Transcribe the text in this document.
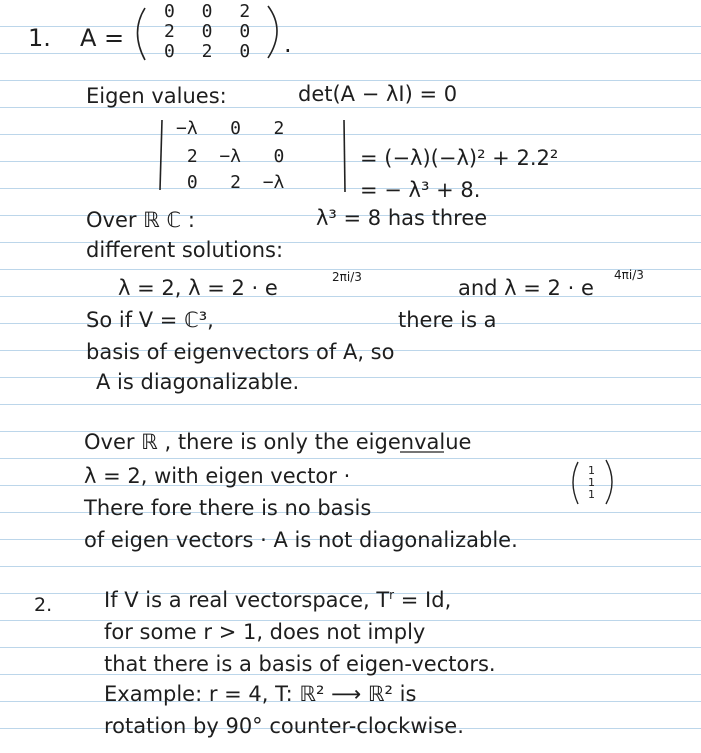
1. A =
0 0 2
2 0 0
0 2 0 .
Eigen values:	det(A − λI) = 0
−λ   0   2
2  −λ   0
0   2  −λ
= (−λ)(−λ)² + 2.2²
= − λ³ + 8.
Over ℝ ℂ :	λ³ = 8 has three
different solutions:
λ = 2, λ = 2 · e	2πi/3	and λ = 2 · e
4πi/3
So if V = ℂ³,	there is a
basis of eigenvectors of A, so
A is diagonalizable.
Over ℝ , there is only the eigenvalue
λ = 2, with eigen vector ·	1
1
1
There fore there is no basis
of eigen vectors · A is not diagonalizable.
2. If V is a real vectorspace, $T^r = Id$,
for some r > 1, does not imply
that there is a basis of eigen-vectors.
Example: r = 4, T: ℝ² ⟶ ℝ² is
rotation by 90° counter-clockwise.
